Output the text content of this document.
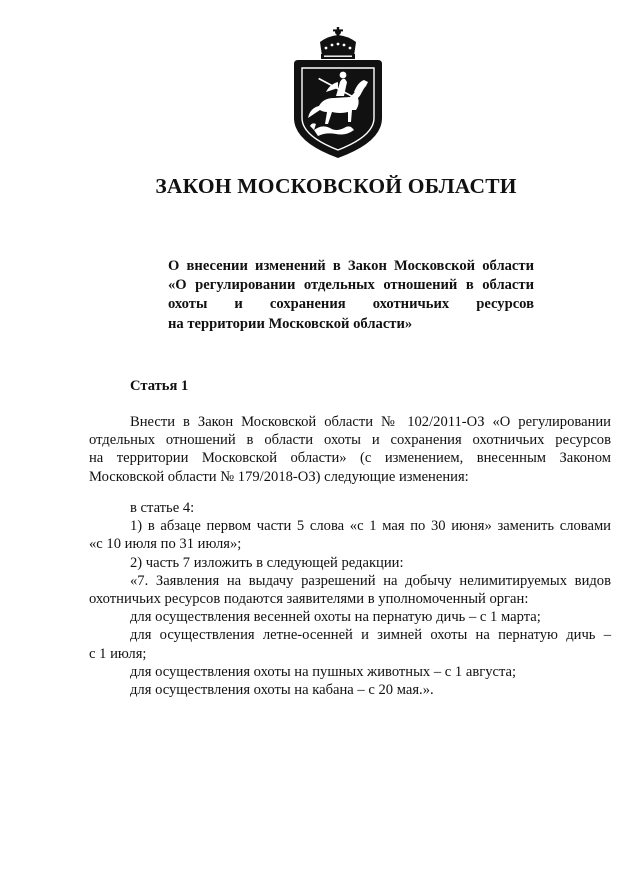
ЗАКОН МОСКОВСКОЙ ОБЛАСТИ
О внесении изменений в Закон Московской области
«О регулировании отдельных отношений в области
охоты и сохранения охотничьих ресурсов
на территории Московской области»
Статья 1
Внести в Закон Московской области № 102/2011-ОЗ «О регулировании
отдельных отношений в области охоты и сохранения охотничьих ресурсов
на территории Московской области» (с изменением, внесенным Законом
Московской области № 179/2018-ОЗ) следующие изменения:
в статье 4:
1) в абзаце первом части 5 слова «с 1 мая по 30 июня» заменить словами
«с 10 июля по 31 июля»;
2) часть 7 изложить в следующей редакции:
«7. Заявления на выдачу разрешений на добычу нелимитируемых видов
охотничьих ресурсов подаются заявителями в уполномоченный орган:
для осуществления весенней охоты на пернатую дичь – с 1 марта;
для осуществления летне-осенней и зимней охоты на пернатую дичь –
с 1 июля;
для осуществления охоты на пушных животных – с 1 августа;
для осуществления охоты на кабана – с 20 мая.».
